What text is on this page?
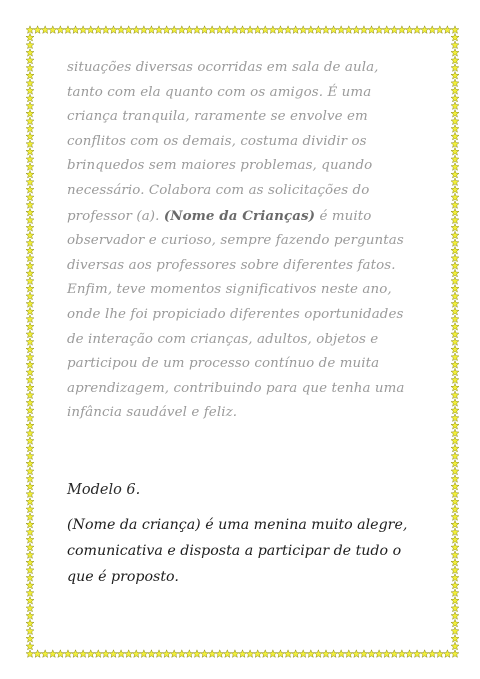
situações diversas ocorridas em sala de aula, tanto com ela quanto com os amigos. É uma criança tranquila, raramente se envolve em conflitos com os demais, costuma dividir os brinquedos sem maiores problemas, quando necessário. Colabora com as solicitações do professor (a). (Nome da Crianças) é muito observador e curioso, sempre fazendo perguntas diversas aos professores sobre diferentes fatos. Enfim, teve momentos significativos neste ano, onde lhe foi propiciado diferentes oportunidades de interação com crianças, adultos, objetos e participou de um processo contínuo de muita aprendizagem, contribuindo para que tenha uma infância saudável e feliz.

Modelo 6.

(Nome da criança) é uma menina muito alegre, comunicativa e disposta a participar de tudo o que é proposto.
